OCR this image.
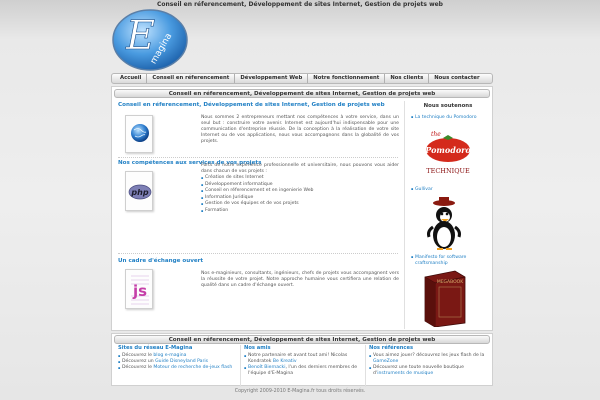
Conseil en réferencement, Développement de sites Internet, Gestion de projets web
E
magina
Accueil	Conseil en réferencement	Développement Web	Notre fonctionnement	Nos clients	Nous contacter
Conseil en réferencement, Développement de sites Internet, Gestion de projets web
Conseil en réferencement, Développement de sites Internet, Gestion de projets web
Nous sommes 2 entrepreneurs mettant nos compétences à votre service, dans un seul but : construire votre avenir. Internet est aujourd'hui indispensable pour une communication d'entreprise réussie. De la conception à la réalisation de votre site Internet ou de vos applications, nous vous accompagnons dans la globalité de vos projets.
Nos compétences aux services de vos projets
php
Forts de notre expérience professionnelle et universitaire, nous pouvons vous aider dans chacun de vos projets :
▪ Création de sites Internet
▪ Développement informatique
▪ Conseil en réferencement et en ingenierie Web
▪ Information Juridique
▪ Gestion de vos équipes et de vos projets
▪ Formation
Un cadre d'échange ouvert
js
Nos e-maginieurs, consultants, ingénieurs, chefs de projets vous accompagnent vers la réussite de votre projet. Notre approche humaine vous certifiera une relation de qualité dans un cadre d'échange ouvert.
Nous soutenons
▪ La technique du Pomodoro
the
Pomodoro
TECHNIQUE
▪ Gullivar
▪ Manifesto for software craftsmanship
MEGABOOK
Conseil en réferencement, Développement de sites Internet, Gestion de projets web
Sites du réseau E-Magina
▪ Découvrez le blog e-magina
▪ Découvrez un Guide Disneyland Paris
▪ Découvrez le Moteur de recherche de-jeux flash
Nos amis
▪ Notre partenaire et avant tout ami! Nicolas Kondratek Be Kreativ
▪ Benoît Biernacki, l'un des derniers membres de l'équipe d'E-Magina
Nos références
▪ Vous aimez jouer? découvrez les jeux flash de la GameZone
▪ Découvrez une toute nouvelle boutique d'instruments de musique
Copyright 2009-2010 E-Magina.fr tous droits réservés.
